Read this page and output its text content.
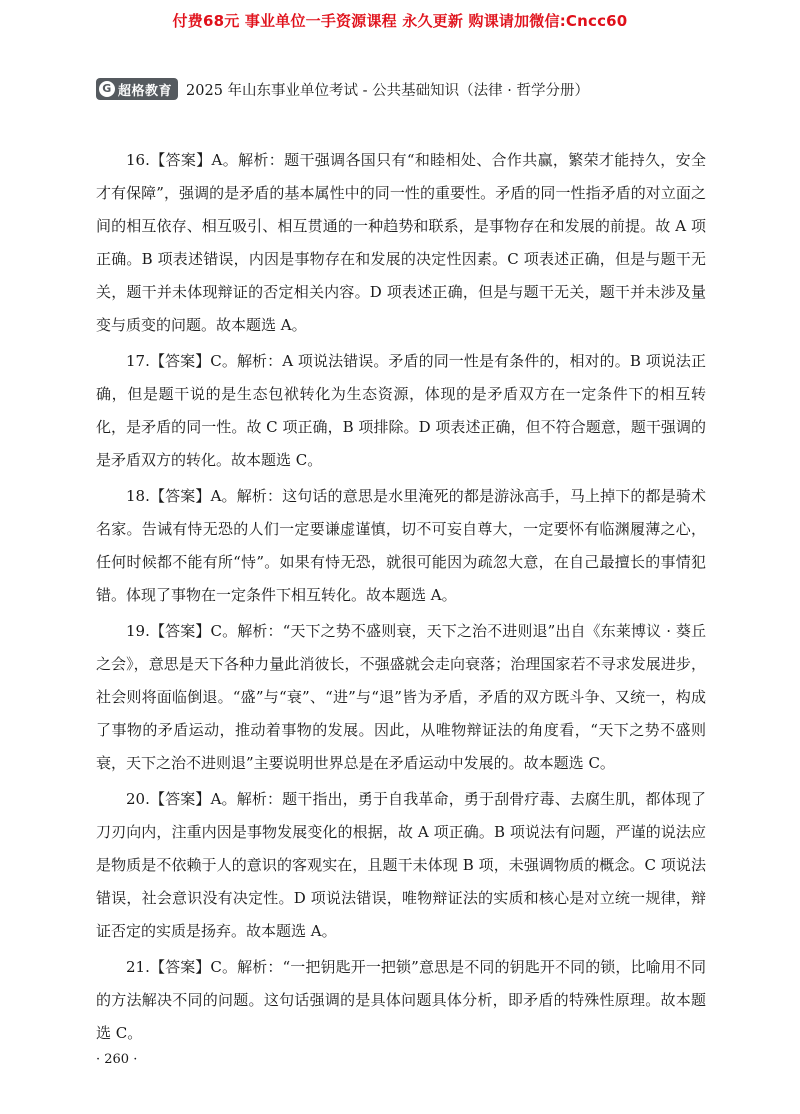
付费68元 事业单位一手资源课程 永久更新 购课请加微信:Cncc60
G 超格教育 2025 年山东事业单位考试 - 公共基础知识（法律 · 哲学分册）

16.【答案】A。解析：题干强调各国只有“和睦相处、合作共赢，繁荣才能持久，安全才有保障”，强调的是矛盾的基本属性中的同一性的重要性。矛盾的同一性指矛盾的对立面之间的相互依存、相互吸引、相互贯通的一种趋势和联系，是事物存在和发展的前提。故 A 项正确。B 项表述错误，内因是事物存在和发展的决定性因素。C 项表述正确，但是与题干无关，题干并未体现辩证的否定相关内容。D 项表述正确，但是与题干无关，题干并未涉及量变与质变的问题。故本题选 A。

17.【答案】C。解析：A 项说法错误。矛盾的同一性是有条件的，相对的。B 项说法正确，但是题干说的是生态包袱转化为生态资源，体现的是矛盾双方在一定条件下的相互转化，是矛盾的同一性。故 C 项正确，B 项排除。D 项表述正确，但不符合题意，题干强调的是矛盾双方的转化。故本题选 C。

18.【答案】A。解析：这句话的意思是水里淹死的都是游泳高手，马上掉下的都是骑术名家。告诫有恃无恐的人们一定要谦虚谨慎，切不可妄自尊大，一定要怀有临渊履薄之心，任何时候都不能有所“恃”。如果有恃无恐，就很可能因为疏忽大意，在自己最擅长的事情犯错。体现了事物在一定条件下相互转化。故本题选 A。

19.【答案】C。解析：“天下之势不盛则衰，天下之治不进则退”出自《东莱博议 · 葵丘之会》，意思是天下各种力量此消彼长，不强盛就会走向衰落；治理国家若不寻求发展进步，社会则将面临倒退。“盛”与“衰”、“进”与“退”皆为矛盾，矛盾的双方既斗争、又统一，构成了事物的矛盾运动，推动着事物的发展。因此，从唯物辩证法的角度看，“天下之势不盛则衰，天下之治不进则退”主要说明世界总是在矛盾运动中发展的。故本题选 C。

20.【答案】A。解析：题干指出，勇于自我革命，勇于刮骨疗毒、去腐生肌，都体现了刀刃向内，注重内因是事物发展变化的根据，故 A 项正确。B 项说法有问题，严谨的说法应是物质是不依赖于人的意识的客观实在，且题干未体现 B 项，未强调物质的概念。C 项说法错误，社会意识没有决定性。D 项说法错误，唯物辩证法的实质和核心是对立统一规律，辩证否定的实质是扬弃。故本题选 A。

21.【答案】C。解析：“一把钥匙开一把锁”意思是不同的钥匙开不同的锁，比喻用不同的方法解决不同的问题。这句话强调的是具体问题具体分析，即矛盾的特殊性原理。故本题选 C。

· 260 ·
